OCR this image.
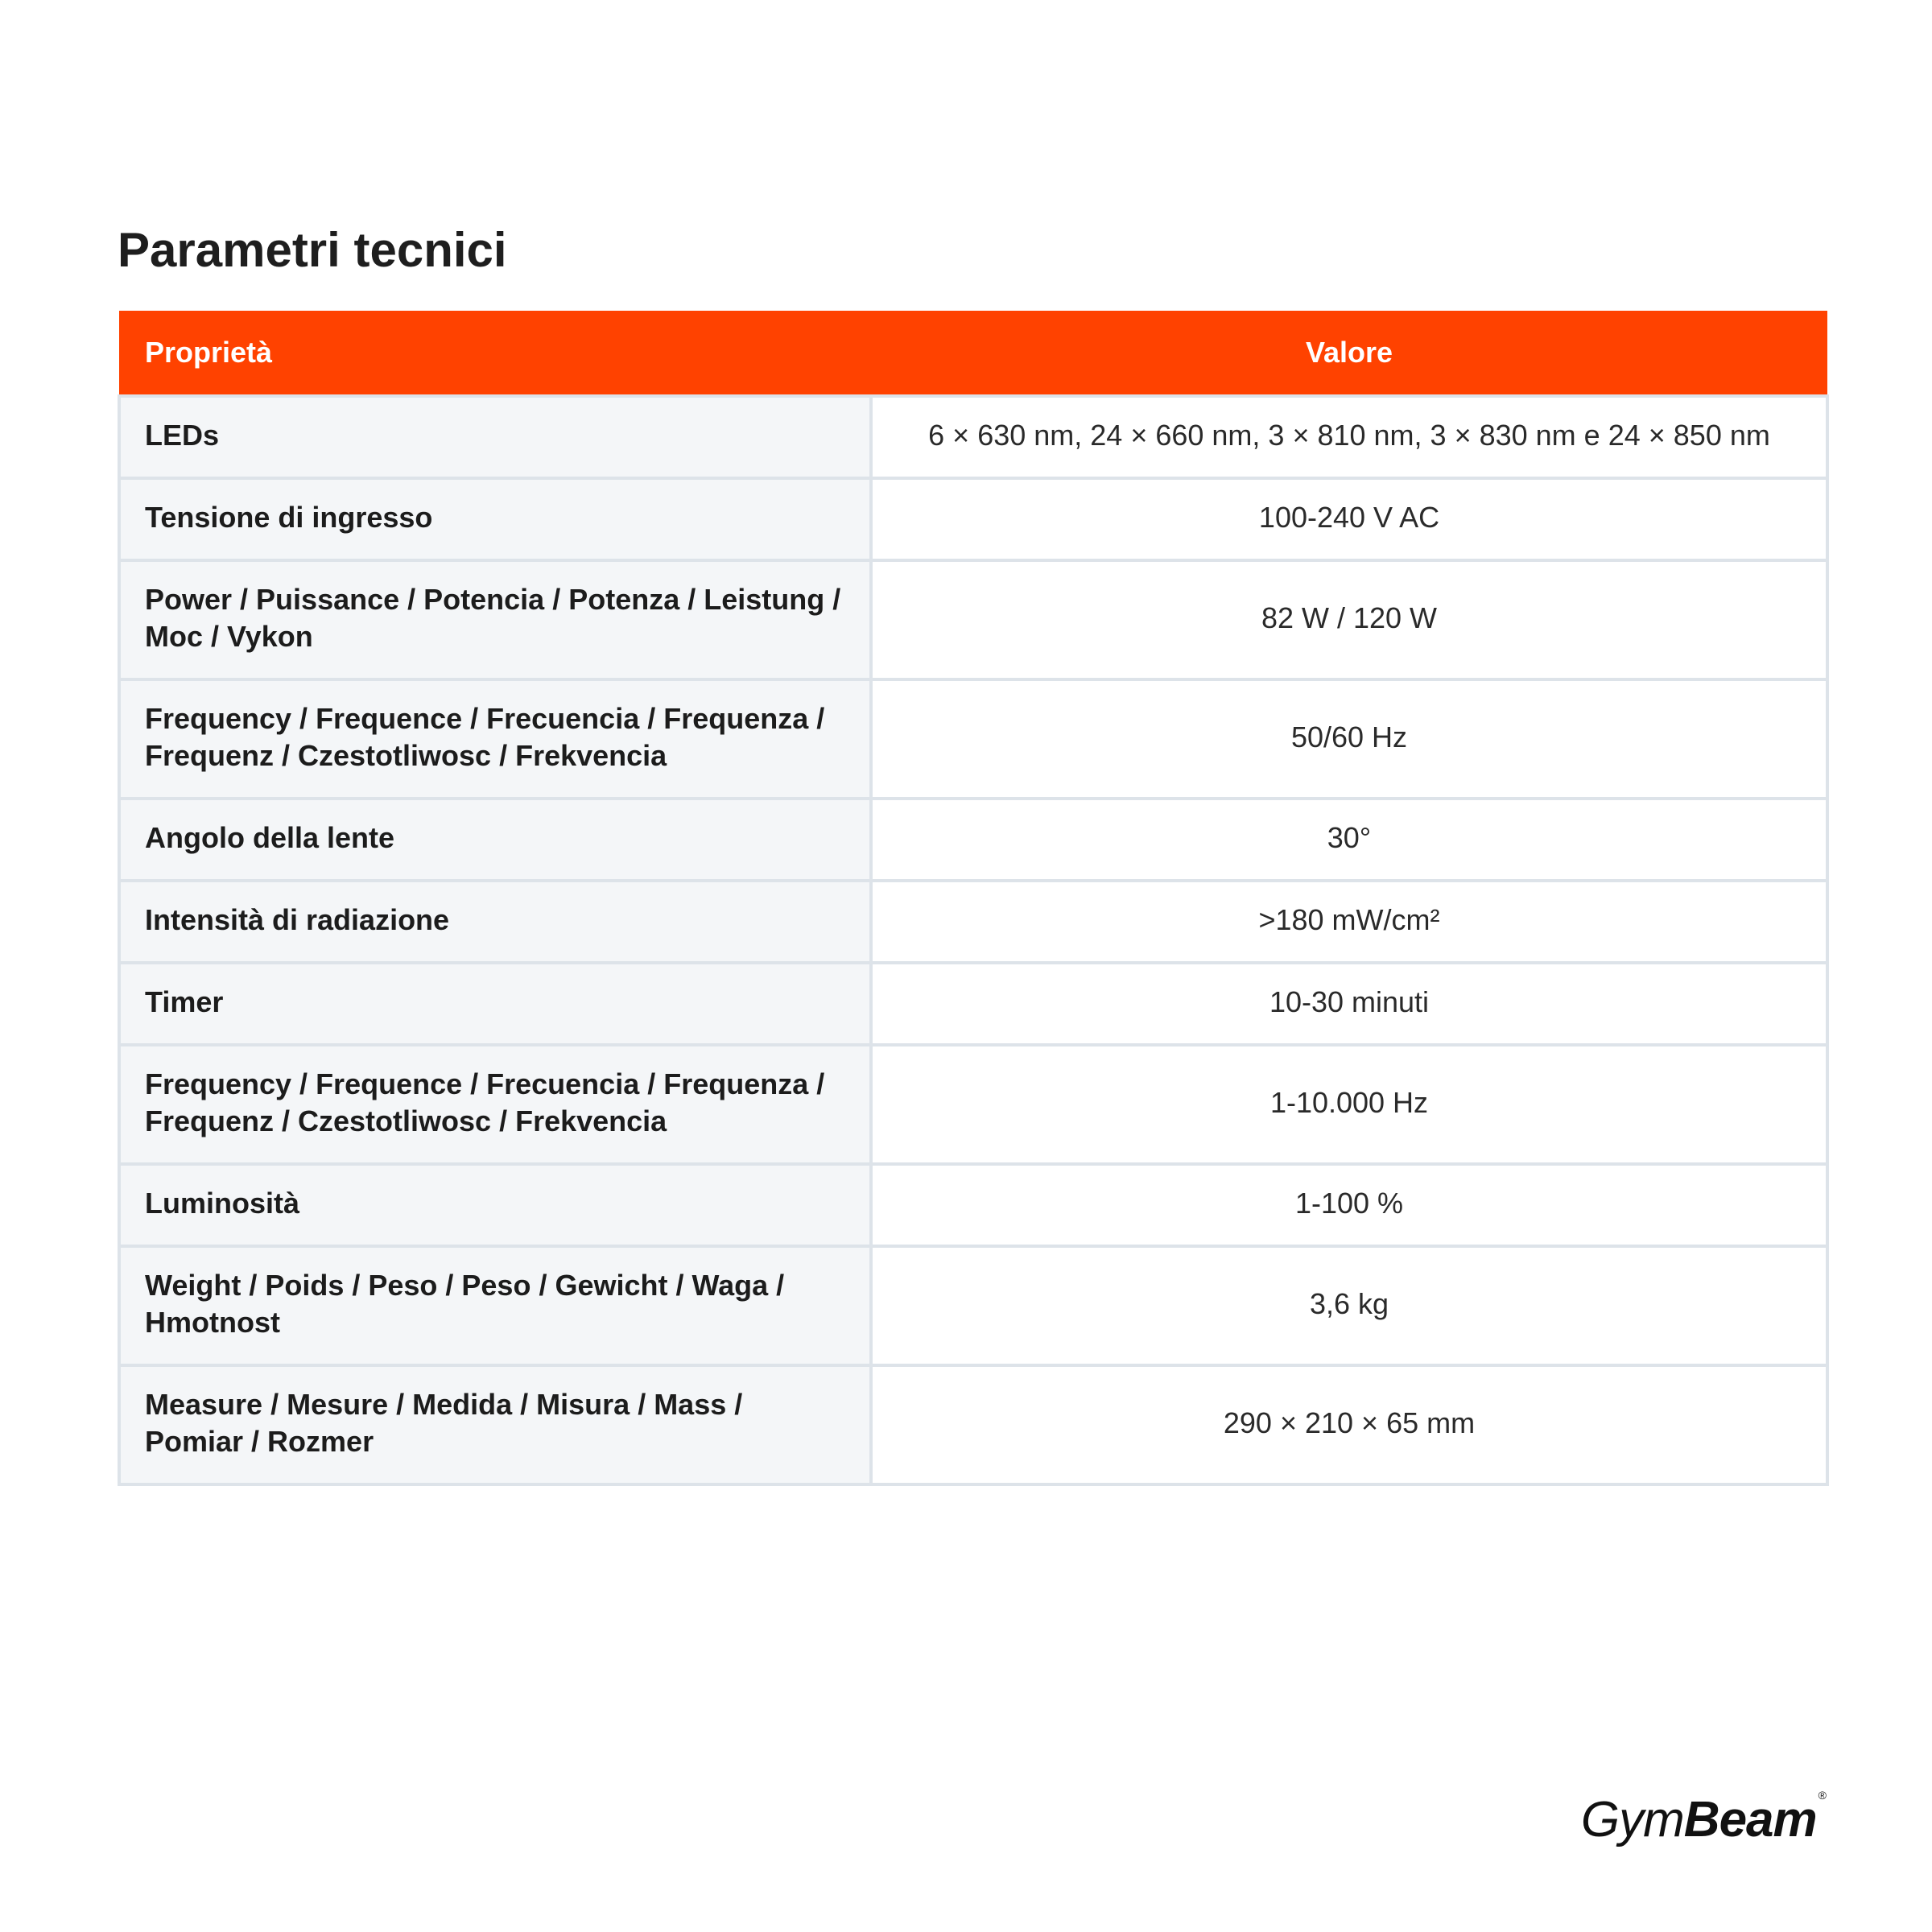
Parametri tecnici
Proprietà	Valore
LEDs	6 × 630 nm, 24 × 660 nm, 3 × 810 nm, 3 × 830 nm e 24 × 850 nm
Tensione di ingresso	100-240 V AC
Power / Puissance / Potencia / Potenza / Leistung / Moc / Vykon	82 W / 120 W
Frequency / Frequence / Frecuencia / Frequenza / Frequenz / Czestotliwosc / Frekvencia	50/60 Hz
Angolo della lente	30°
Intensità di radiazione	>180 mW/cm²
Timer	10-30 minuti
Frequency / Frequence / Frecuencia / Frequenza / Frequenz / Czestotliwosc / Frekvencia	1-10.000 Hz
Luminosità	1-100 %
Weight / Poids / Peso / Peso / Gewicht / Waga / Hmotnost	3,6 kg
Measure / Mesure / Medida / Misura / Mass / Pomiar / Rozmer	290 × 210 × 65 mm
GymBeam ®
